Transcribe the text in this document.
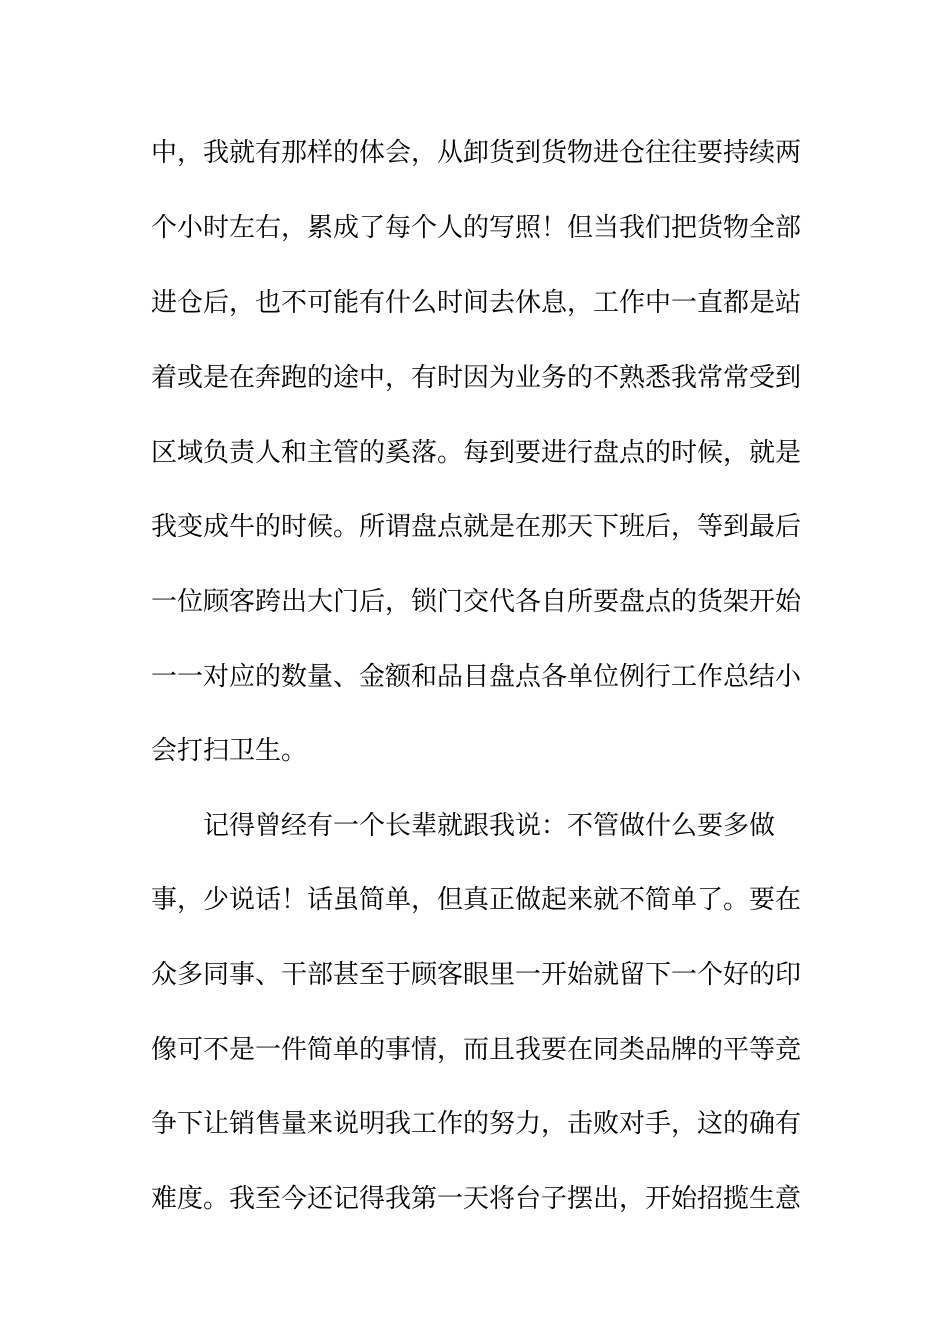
中，我就有那样的体会，从卸货到货物进仓往往要持续两
个小时左右，累成了每个人的写照！但当我们把货物全部
进仓后，也不可能有什么时间去休息，工作中一直都是站
着或是在奔跑的途中，有时因为业务的不熟悉我常常受到
区域负责人和主管的奚落。每到要进行盘点的时候，就是
我变成牛的时候。所谓盘点就是在那天下班后，等到最后
一位顾客跨出大门后，锁门交代各自所要盘点的货架开始
一一对应的数量、金额和品目盘点各单位例行工作总结小
会打扫卫生。
记得曾经有一个长辈就跟我说：不管做什么要多做
事，少说话！话虽简单，但真正做起来就不简单了。要在
众多同事、干部甚至于顾客眼里一开始就留下一个好的印
像可不是一件简单的事情，而且我要在同类品牌的平等竞
争下让销售量来说明我工作的努力，击败对手，这的确有
难度。我至今还记得我第一天将台子摆出，开始招揽生意
